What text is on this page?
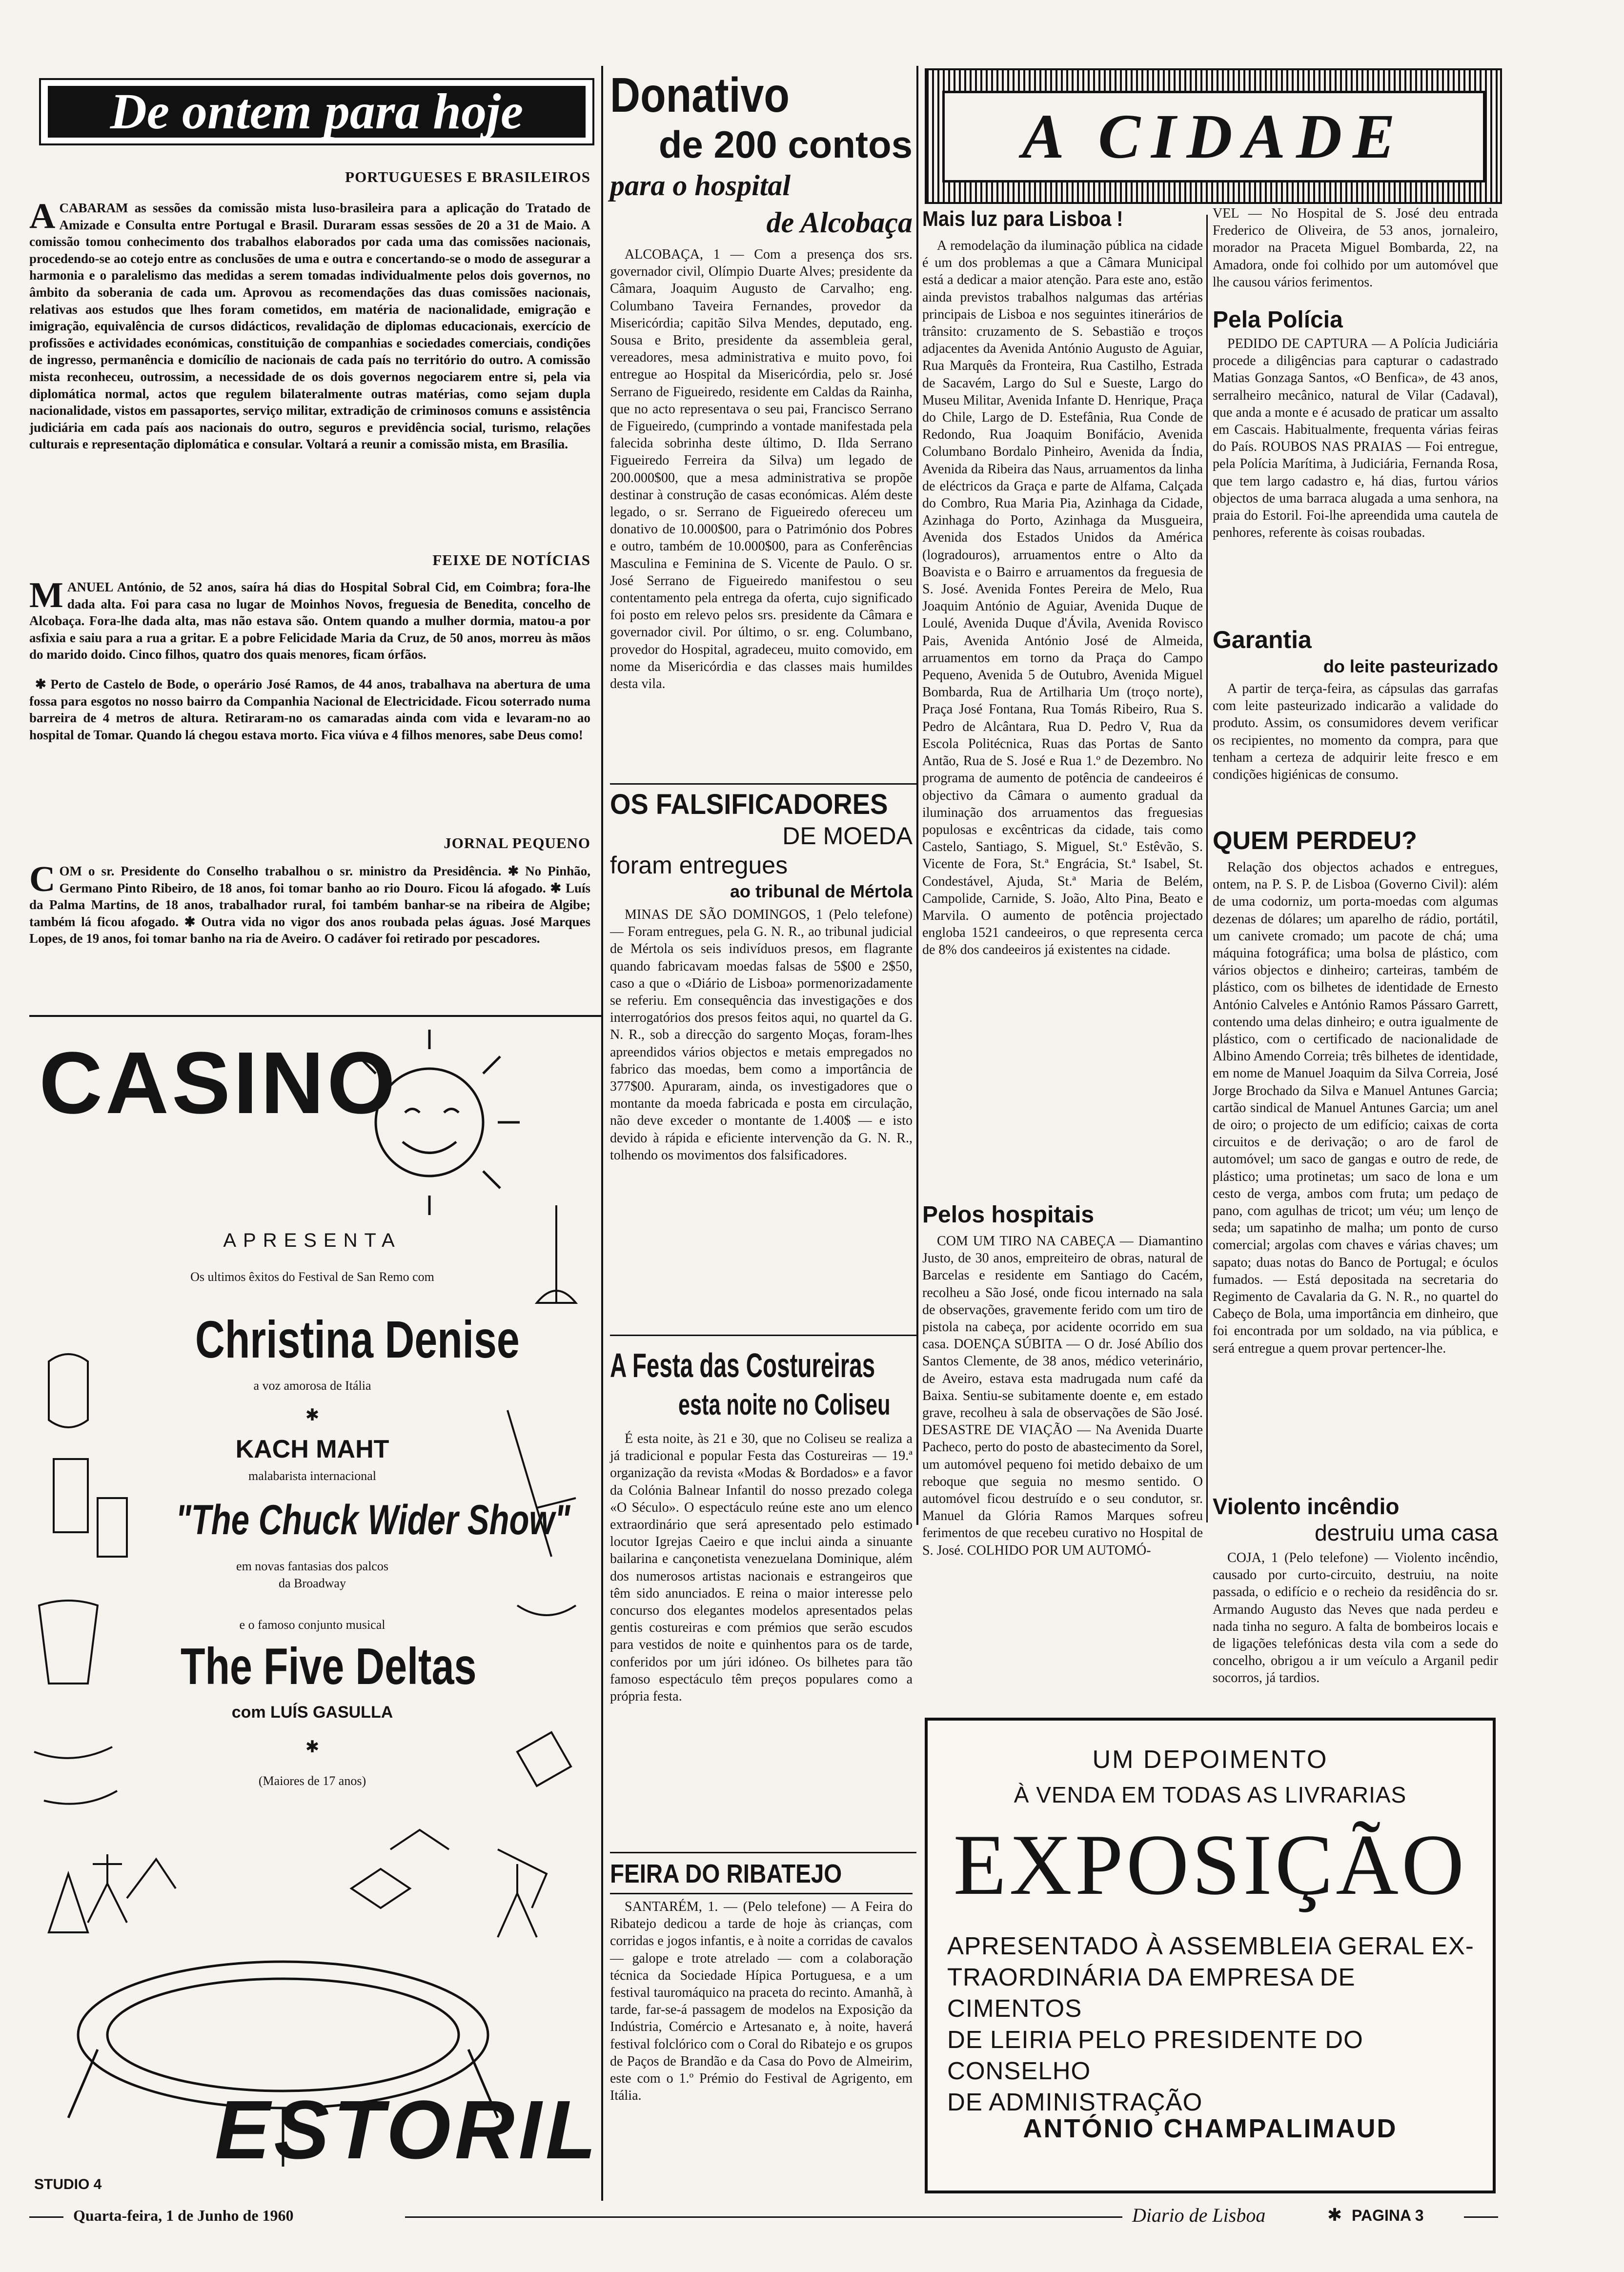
De ontem para hoje
PORTUGUESES E BRASILEIROS

ACABARAM as sessões da comissão mista luso-brasileira para a aplicação do Tratado de Amizade e Consulta entre Portugal e Brasil. Duraram essas sessões de 20 a 31 de Maio. A comissão tomou conhecimento dos trabalhos elaborados por cada uma das comissões nacionais, procedendo-se ao cotejo entre as conclusões de uma e outra e concertando-se o modo de assegurar a harmonia e o paralelismo das medidas a serem tomadas individualmente pelos dois governos, no âmbito da soberania de cada um. Aprovou as recomendações das duas comissões nacionais, relativas aos estudos que lhes foram cometidos, em matéria de nacionalidade, emigração e imigração, equivalência de cursos didácticos, revalidação de diplomas educacionais, exercício de profissões e actividades económicas, constituição de companhias e sociedades comerciais, condições de ingresso, permanência e domicílio de nacionais de cada país no território do outro. A comissão mista reconheceu, outrossim, a necessidade de os dois governos negociarem entre si, pela via diplomática normal, actos que regulem bilateralmente outras matérias, como sejam dupla nacionalidade, vistos em passaportes, serviço militar, extradição de criminosos comuns e assistência judiciária em cada país aos nacionais do outro, seguros e previdência social, turismo, relações culturais e representação diplomática e consular. Voltará a reunir a comissão mista, em Brasília.

FEIXE DE NOTÍCIAS

MANUEL António, de 52 anos, saíra há dias do Hospital Sobral Cid, em Coimbra; fora-lhe dada alta. Foi para casa no lugar de Moinhos Novos, freguesia de Benedita, concelho de Alcobaça. Fora-lhe dada alta, mas não estava são. Ontem quando a mulher dormia, matou-a por asfixia e saiu para a rua a gritar. E a pobre Felicidade Maria da Cruz, de 50 anos, morreu às mãos do marido doido. Cinco filhos, quatro dos quais menores, ficam órfãos.

✱ Perto de Castelo de Bode, o operário José Ramos, de 44 anos, trabalhava na abertura de uma fossa para esgotos no nosso bairro da Companhia Nacional de Electricidade. Ficou soterrado numa barreira de 4 metros de altura. Retiraram-no os camaradas ainda com vida e levaram-no ao hospital de Tomar. Quando lá chegou estava morto. Fica viúva e 4 filhos menores, sabe Deus como!

JORNAL PEQUENO

COM o sr. Presidente do Conselho trabalhou o sr. ministro da Presidência. ✱ No Pinhão, Germano Pinto Ribeiro, de 18 anos, foi tomar banho ao rio Douro. Ficou lá afogado. ✱ Luís da Palma Martins, de 18 anos, trabalhador rural, foi também banhar-se na ribeira de Algibe; também lá ficou afogado. ✱ Outra vida no vigor dos anos roubada pelas águas. José Marques Lopes, de 19 anos, foi tomar banho na ria de Aveiro. O cadáver foi retirado por pescadores.

CASINO
APRESENTA
Os ultimos êxitos do Festival de San Remo com
Christina Denise
a voz amorosa de Itália
✱
KACH MAHT
malabarista internacional
"The Chuck Wider Show"
em novas fantasias dos palcos
da Broadway
e o famoso conjunto musical
The Five Deltas
com LUÍS GASULLA
✱
(Maiores de 17 anos)
ESTORIL
STUDIO 4
Donativo
de 200 contos
para o hospital
de Alcobaça

ALCOBAÇA, 1 — Com a presença dos srs. governador civil, Olímpio Duarte Alves; presidente da Câmara, Joaquim Augusto de Carvalho; eng. Columbano Taveira Fernandes, provedor da Misericórdia; capitão Silva Mendes, deputado, eng. Sousa e Brito, presidente da assembleia geral, vereadores, mesa administrativa e muito povo, foi entregue ao Hospital da Misericórdia, pelo sr. José Serrano de Figueiredo, residente em Caldas da Rainha, que no acto representava o seu pai, Francisco Serrano de Figueiredo, (cumprindo a vontade manifestada pela falecida sobrinha deste último, D. Ilda Serrano Figueiredo Ferreira da Silva) um legado de 200.000$00, que a mesa administrativa se propõe destinar à construção de casas económicas. Além deste legado, o sr. Serrano de Figueiredo ofereceu um donativo de 10.000$00, para o Património dos Pobres e outro, também de 10.000$00, para as Conferências Masculina e Feminina de S. Vicente de Paulo. O sr. José Serrano de Figueiredo manifestou o seu contentamento pela entrega da oferta, cujo significado foi posto em relevo pelos srs. presidente da Câmara e governador civil. Por último, o sr. eng. Columbano, provedor do Hospital, agradeceu, muito comovido, em nome da Misericórdia e das classes mais humildes desta vila.

OS FALSIFICADORES
DE MOEDA
foram entregues
ao tribunal de Mértola

MINAS DE SÃO DOMINGOS, 1 (Pelo telefone) — Foram entregues, pela G. N. R., ao tribunal judicial de Mértola os seis indivíduos presos, em flagrante quando fabricavam moedas falsas de 5$00 e 2$50, caso a que o «Diário de Lisboa» pormenorizadamente se referiu. Em consequência das investigações e dos interrogatórios dos presos feitos aqui, no quartel da G. N. R., sob a direcção do sargento Moças, foram-lhes apreendidos vários objectos e metais empregados no fabrico das moedas, bem como a importância de 377$00. Apuraram, ainda, os investigadores que o montante da moeda fabricada e posta em circulação, não deve exceder o montante de 1.400$ — e isto devido à rápida e eficiente intervenção da G. N. R., tolhendo os movimentos dos falsificadores.

A Festa das Costureiras
esta noite no Coliseu

É esta noite, às 21 e 30, que no Coliseu se realiza a já tradicional e popular Festa das Costureiras — 19.ª organização da revista «Modas & Bordados» e a favor da Colónia Balnear Infantil do nosso prezado colega «O Século». O espectáculo reúne este ano um elenco extraordinário que será apresentado pelo estimado locutor Igrejas Caeiro e que inclui ainda a sinuante bailarina e cançonetista venezuelana Dominique, além dos numerosos artistas nacionais e estrangeiros que têm sido anunciados. E reina o maior interesse pelo concurso dos elegantes modelos apresentados pelas gentis costureiras e com prémios que serão escudos para vestidos de noite e quinhentos para os de tarde, conferidos por um júri idóneo. Os bilhetes para tão famoso espectáculo têm preços populares como a própria festa.

FEIRA DO RIBATEJO

SANTARÉM, 1. — (Pelo telefone) — A Feira do Ribatejo dedicou a tarde de hoje às crianças, com corridas e jogos infantis, e à noite a corridas de cavalos — galope e trote atrelado — com a colaboração técnica da Sociedade Hípica Portuguesa, e a um festival tauromáquico na praceta do recinto. Amanhã, à tarde, far-se-á passagem de modelos na Exposição da Indústria, Comércio e Artesanato e, à noite, haverá festival folclórico com o Coral do Ribatejo e os grupos de Paços de Brandão e da Casa do Povo de Almeirim, este com o 1.º Prémio do Festival de Agrigento, em Itália.

A CIDADE
Mais luz para Lisboa !

A remodelação da iluminação pública na cidade é um dos problemas a que a Câmara Municipal está a dedicar a maior atenção. Para este ano, estão ainda previstos trabalhos nalgumas das artérias principais de Lisboa e nos seguintes itinerários de trânsito: cruzamento de S. Sebastião e troços adjacentes da Avenida António Augusto de Aguiar, Rua Marquês da Fronteira, Rua Castilho, Estrada de Sacavém, Largo do Sul e Sueste, Largo do Museu Militar, Avenida Infante D. Henrique, Praça do Chile, Largo de D. Estefânia, Rua Conde de Redondo, Rua Joaquim Bonifácio, Avenida Columbano Bordalo Pinheiro, Avenida da Índia, Avenida da Ribeira das Naus, arruamentos da linha de eléctricos da Graça e parte de Alfama, Calçada do Combro, Rua Maria Pia, Azinhaga da Cidade, Azinhaga do Porto, Azinhaga da Musgueira, Avenida dos Estados Unidos da América (logradouros), arruamentos entre o Alto da Boavista e o Bairro e arruamentos da freguesia de S. José. Avenida Fontes Pereira de Melo, Rua Joaquim António de Aguiar, Avenida Duque de Loulé, Avenida Duque d'Ávila, Avenida Rovisco Pais, Avenida António José de Almeida, arruamentos em torno da Praça do Campo Pequeno, Avenida 5 de Outubro, Avenida Miguel Bombarda, Rua de Artilharia Um (troço norte), Praça José Fontana, Rua Tomás Ribeiro, Rua S. Pedro de Alcântara, Rua D. Pedro V, Rua da Escola Politécnica, Ruas das Portas de Santo Antão, Rua de S. José e Rua 1.º de Dezembro. No programa de aumento de potência de candeeiros é objectivo da Câmara o aumento gradual da iluminação dos arruamentos das freguesias populosas e excêntricas da cidade, tais como Castelo, Santiago, S. Miguel, St.º Estêvão, S. Vicente de Fora, St.ª Engrácia, St.ª Isabel, St. Condestável, Ajuda, St.ª Maria de Belém, Campolide, Carnide, S. João, Alto Pina, Beato e Marvila. O aumento de potência projectado engloba 1521 candeeiros, o que representa cerca de 8% dos candeeiros já existentes na cidade.

Pelos hospitais

COM UM TIRO NA CABEÇA — Diamantino Justo, de 30 anos, empreiteiro de obras, natural de Barcelas e residente em Santiago do Cacém, recolheu a São José, onde ficou internado na sala de observações, gravemente ferido com um tiro de pistola na cabeça, por acidente ocorrido em sua casa. DOENÇA SÚBITA — O dr. José Abílio dos Santos Clemente, de 38 anos, médico veterinário, de Aveiro, estava esta madrugada num café da Baixa. Sentiu-se subitamente doente e, em estado grave, recolheu à sala de observações de São José. DESASTRE DE VIAÇÃO — Na Avenida Duarte Pacheco, perto do posto de abastecimento da Sorel, um automóvel pequeno foi metido debaixo de um reboque que seguia no mesmo sentido. O automóvel ficou destruído e o seu condutor, sr. Manuel da Glória Ramos Marques sofreu ferimentos de que recebeu curativo no Hospital de S. José. COLHIDO POR UM AUTOMÓ-

VEL — No Hospital de S. José deu entrada Frederico de Oliveira, de 53 anos, jornaleiro, morador na Praceta Miguel Bombarda, 22, na Amadora, onde foi colhido por um automóvel que lhe causou vários ferimentos.

Pela Polícia

PEDIDO DE CAPTURA — A Polícia Judiciária procede a diligências para capturar o cadastrado Matias Gonzaga Santos, «O Benfica», de 43 anos, serralheiro mecânico, natural de Vilar (Cadaval), que anda a monte e é acusado de praticar um assalto em Cascais. Habitualmente, frequenta várias feiras do País. ROUBOS NAS PRAIAS — Foi entregue, pela Polícia Marítima, à Judiciária, Fernanda Rosa, que tem largo cadastro e, há dias, furtou vários objectos de uma barraca alugada a uma senhora, na praia do Estoril. Foi-lhe apreendida uma cautela de penhores, referente às coisas roubadas.

Garantia
do leite pasteurizado

A partir de terça-feira, as cápsulas das garrafas com leite pasteurizado indicarão a validade do produto. Assim, os consumidores devem verificar os recipientes, no momento da compra, para que tenham a certeza de adquirir leite fresco e em condições higiénicas de consumo.

QUEM PERDEU?

Relação dos objectos achados e entregues, ontem, na P. S. P. de Lisboa (Governo Civil): além de uma codorniz, um porta-moedas com algumas dezenas de dólares; um aparelho de rádio, portátil, um canivete cromado; um pacote de chá; uma máquina fotográfica; uma bolsa de plástico, com vários objectos e dinheiro; carteiras, também de plástico, com os bilhetes de identidade de Ernesto António Calveles e António Ramos Pássaro Garrett, contendo uma delas dinheiro; e outra igualmente de plástico, com o certificado de nacionalidade de Albino Amendo Correia; três bilhetes de identidade, em nome de Manuel Joaquim da Silva Correia, José Jorge Brochado da Silva e Manuel Antunes Garcia; cartão sindical de Manuel Antunes Garcia; um anel de oiro; o projecto de um edifício; caixas de corta circuitos e de derivação; o aro de farol de automóvel; um saco de gangas e outro de rede, de plástico; uma protinetas; um saco de lona e um cesto de verga, ambos com fruta; um pedaço de pano, com agulhas de tricot; um véu; um lenço de seda; um sapatinho de malha; um ponto de curso comercial; argolas com chaves e várias chaves; um sapato; duas notas do Banco de Portugal; e óculos fumados. — Está depositada na secretaria do Regimento de Cavalaria da G. N. R., no quartel do Cabeço de Bola, uma importância em dinheiro, que foi encontrada por um soldado, na via pública, e será entregue a quem provar pertencer-lhe.

Violento incêndio
destruiu uma casa

COJA, 1 (Pelo telefone) — Violento incêndio, causado por curto-circuito, destruiu, na noite passada, o edifício e o recheio da residência do sr. Armando Augusto das Neves que nada perdeu e nada tinha no seguro. A falta de bombeiros locais e de ligações telefónicas desta vila com a sede do concelho, obrigou a ir um veículo a Arganil pedir socorros, já tardios.

UM DEPOIMENTO
À VENDA EM TODAS AS LIVRARIAS
EXPOSIÇÃO
APRESENTADO À ASSEMBLEIA GERAL EX-
TRAORDINÁRIA DA EMPRESA DE CIMENTOS
DE LEIRIA PELO PRESIDENTE DO CONSELHO
DE ADMINISTRAÇÃO
ANTÓNIO CHAMPALIMAUD
Quarta-feira, 1 de Junho de 1960	Diario de Lisboa	✱ PAGINA 3
